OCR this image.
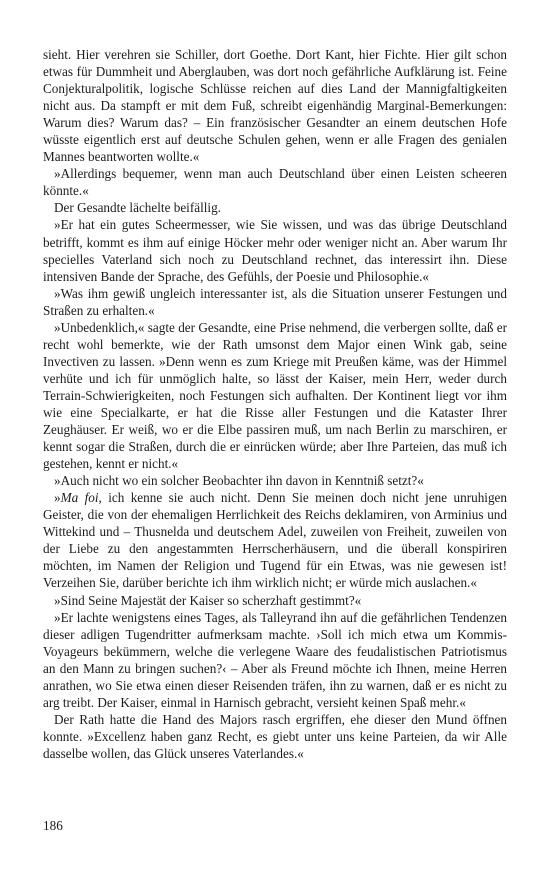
sieht. Hier verehren sie Schiller, dort Goethe. Dort Kant, hier Fichte. Hier gilt schon etwas für Dummheit und Aberglauben, was dort noch gefährliche Aufklärung ist. Feine Conjekturalpolitik, logische Schlüsse reichen auf dies Land der Mannigfaltigkeiten nicht aus. Da stampft er mit dem Fuß, schreibt eigenhändig Marginal-Bemerkungen: Warum dies? Warum das? – Ein französischer Gesandter an einem deutschen Hofe wüsste eigentlich erst auf deutsche Schulen gehen, wenn er alle Fragen des genialen Mannes beantworten wollte.«

»Allerdings bequemer, wenn man auch Deutschland über einen Leisten scheeren könnte.«

Der Gesandte lächelte beifällig.

»Er hat ein gutes Scheermesser, wie Sie wissen, und was das übrige Deutschland betrifft, kommt es ihm auf einige Höcker mehr oder weniger nicht an. Aber warum Ihr specielles Vaterland sich noch zu Deutschland rechnet, das interessirt ihn. Diese intensiven Bande der Sprache, des Gefühls, der Poesie und Philosophie.«

»Was ihm gewiß ungleich interessanter ist, als die Situation unserer Festungen und Straßen zu erhalten.«

»Unbedenklich,« sagte der Gesandte, eine Prise nehmend, die verbergen sollte, daß er recht wohl bemerkte, wie der Rath umsonst dem Major einen Wink gab, seine Invectiven zu lassen. »Denn wenn es zum Kriege mit Preußen käme, was der Himmel verhüte und ich für unmöglich halte, so lässt der Kaiser, mein Herr, weder durch Terrain-Schwierigkeiten, noch Festungen sich aufhalten. Der Kontinent liegt vor ihm wie eine Specialkarte, er hat die Risse aller Festungen und die Kataster Ihrer Zeughäuser. Er weiß, wo er die Elbe passiren muß, um nach Berlin zu marschiren, er kennt sogar die Straßen, durch die er einrücken würde; aber Ihre Parteien, das muß ich gestehen, kennt er nicht.«

»Auch nicht wo ein solcher Beobachter ihn davon in Kenntniß setzt?«

»Ma foi, ich kenne sie auch nicht. Denn Sie meinen doch nicht jene unruhigen Geister, die von der ehemaligen Herrlichkeit des Reichs deklamiren, von Arminius und Wittekind und – Thusnelda und deutschem Adel, zuweilen von Freiheit, zuweilen von der Liebe zu den angestammten Herrscherhäusern, und die überall konspiriren möchten, im Namen der Religion und Tugend für ein Etwas, was nie gewesen ist! Verzeihen Sie, darüber berichte ich ihm wirklich nicht; er würde mich auslachen.«

»Sind Seine Majestät der Kaiser so scherzhaft gestimmt?«

»Er lachte wenigstens eines Tages, als Talleyrand ihn auf die gefährlichen Tendenzen dieser adligen Tugendritter aufmerksam machte. ›Soll ich mich etwa um Kommis-Voyageurs bekümmern, welche die verlegene Waare des feudalistischen Patriotismus an den Mann zu bringen suchen?‹ – Aber als Freund möchte ich Ihnen, meine Herren anrathen, wo Sie etwa einen dieser Reisenden träfen, ihn zu warnen, daß er es nicht zu arg treibt. Der Kaiser, einmal in Harnisch gebracht, versieht keinen Spaß mehr.«

Der Rath hatte die Hand des Majors rasch ergriffen, ehe dieser den Mund öffnen konnte. »Excellenz haben ganz Recht, es giebt unter uns keine Parteien, da wir Alle dasselbe wollen, das Glück unseres Vaterlandes.«

186
